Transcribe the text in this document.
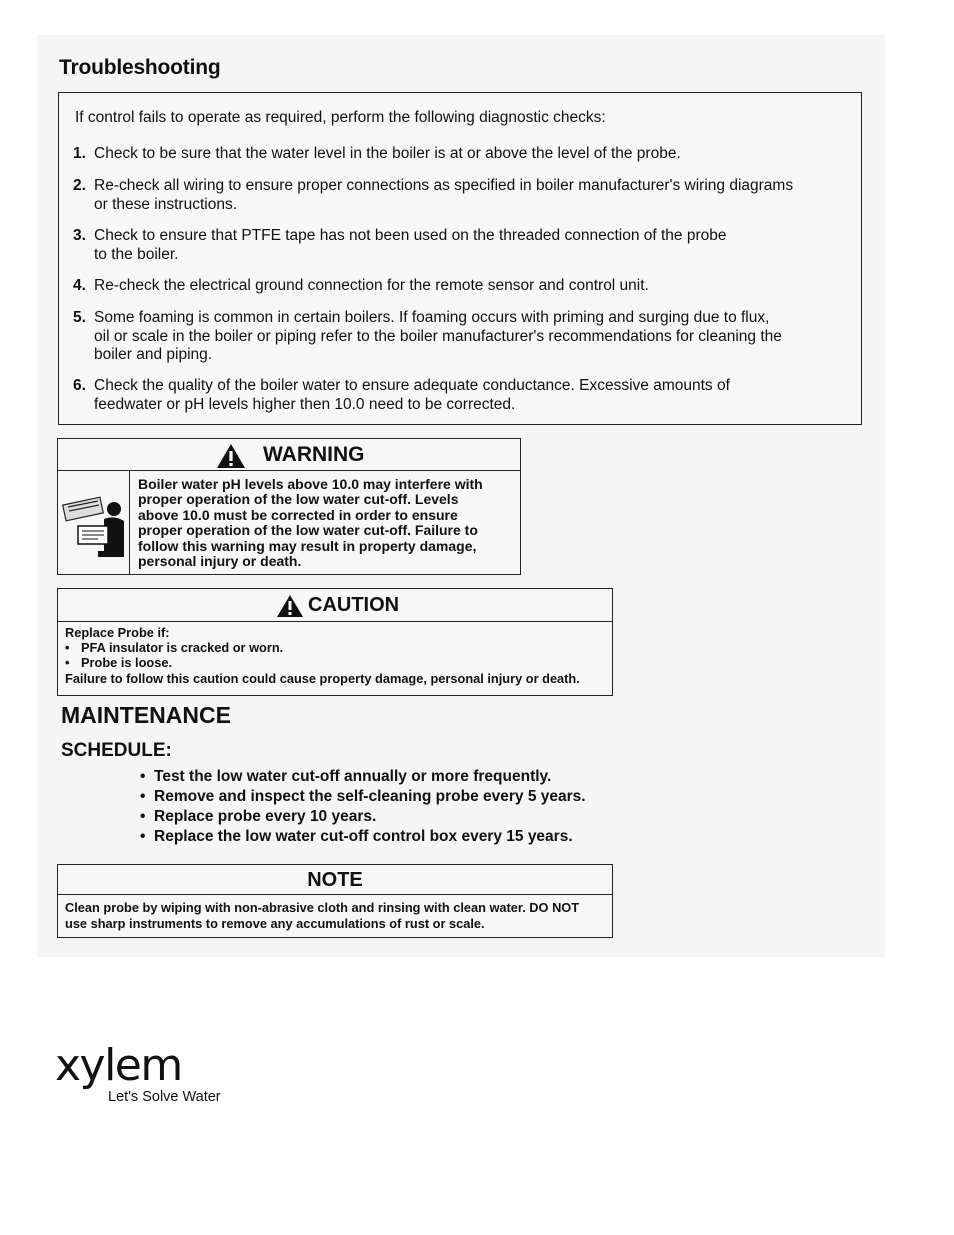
Troubleshooting
If control fails to operate as required, perform the following diagnostic checks:
1. Check to be sure that the water level in the boiler is at or above the level of the probe.
2. Re-check all wiring to ensure proper connections as specified in boiler manufacturer's wiring diagrams
or these instructions.
3. Check to ensure that PTFE tape has not been used on the threaded connection of the probe
to the boiler.
4. Re-check the electrical ground connection for the remote sensor and control unit.
5. Some foaming is common in certain boilers. If foaming occurs with priming and surging due to flux,
oil or scale in the boiler or piping refer to the boiler manufacturer's recommendations for cleaning the
boiler and piping.
6. Check the quality of the boiler water to ensure adequate conductance. Excessive amounts of
feedwater or pH levels higher then 10.0 need to be corrected.
WARNING
Boiler water pH levels above 10.0 may interfere with
proper operation of the low water cut-off. Levels
above 10.0 must be corrected in order to ensure
proper operation of the low water cut-off. Failure to
follow this warning may result in property damage,
personal injury or death.
CAUTION
Replace Probe if:
• PFA insulator is cracked or worn.
• Probe is loose.
Failure to follow this caution could cause property damage, personal injury or death.
MAINTENANCE
SCHEDULE:
• Test the low water cut-off annually or more frequently.
• Remove and inspect the self-cleaning probe every 5 years.
• Replace probe every 10 years.
• Replace the low water cut-off control box every 15 years.
NOTE
Clean probe by wiping with non-abrasive cloth and rinsing with clean water. DO NOT
use sharp instruments to remove any accumulations of rust or scale.
xylem
Let's Solve Water
